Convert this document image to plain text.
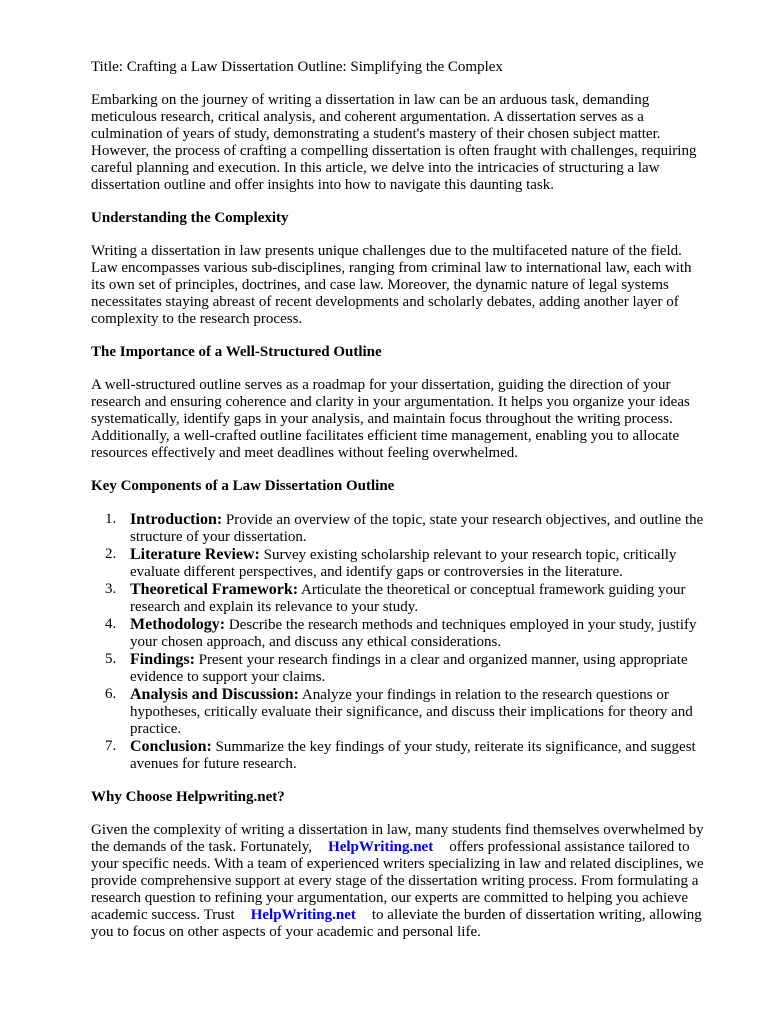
Title: Crafting a Law Dissertation Outline: Simplifying the Complex

Embarking on the journey of writing a dissertation in law can be an arduous task, demanding meticulous research, critical analysis, and coherent argumentation. A dissertation serves as a culmination of years of study, demonstrating a student's mastery of their chosen subject matter. However, the process of crafting a compelling dissertation is often fraught with challenges, requiring careful planning and execution. In this article, we delve into the intricacies of structuring a law dissertation outline and offer insights into how to navigate this daunting task.

Understanding the Complexity

Writing a dissertation in law presents unique challenges due to the multifaceted nature of the field. Law encompasses various sub-disciplines, ranging from criminal law to international law, each with its own set of principles, doctrines, and case law. Moreover, the dynamic nature of legal systems necessitates staying abreast of recent developments and scholarly debates, adding another layer of complexity to the research process.

The Importance of a Well-Structured Outline

A well-structured outline serves as a roadmap for your dissertation, guiding the direction of your research and ensuring coherence and clarity in your argumentation. It helps you organize your ideas systematically, identify gaps in your analysis, and maintain focus throughout the writing process. Additionally, a well-crafted outline facilitates efficient time management, enabling you to allocate resources effectively and meet deadlines without feeling overwhelmed.

Key Components of a Law Dissertation Outline

1. Introduction: Provide an overview of the topic, state your research objectives, and outline the structure of your dissertation.
2. Literature Review: Survey existing scholarship relevant to your research topic, critically evaluate different perspectives, and identify gaps or controversies in the literature.
3. Theoretical Framework: Articulate the theoretical or conceptual framework guiding your research and explain its relevance to your study.
4. Methodology: Describe the research methods and techniques employed in your study, justify your chosen approach, and discuss any ethical considerations.
5. Findings: Present your research findings in a clear and organized manner, using appropriate evidence to support your claims.
6. Analysis and Discussion: Analyze your findings in relation to the research questions or hypotheses, critically evaluate their significance, and discuss their implications for theory and practice.
7. Conclusion: Summarize the key findings of your study, reiterate its significance, and suggest avenues for future research.

Why Choose Helpwriting.net?

Given the complexity of writing a dissertation in law, many students find themselves overwhelmed by the demands of the task. Fortunately, HelpWriting.net offers professional assistance tailored to your specific needs. With a team of experienced writers specializing in law and related disciplines, we provide comprehensive support at every stage of the dissertation writing process. From formulating a research question to refining your argumentation, our experts are committed to helping you achieve academic success. Trust HelpWriting.net to alleviate the burden of dissertation writing, allowing you to focus on other aspects of your academic and personal life.
